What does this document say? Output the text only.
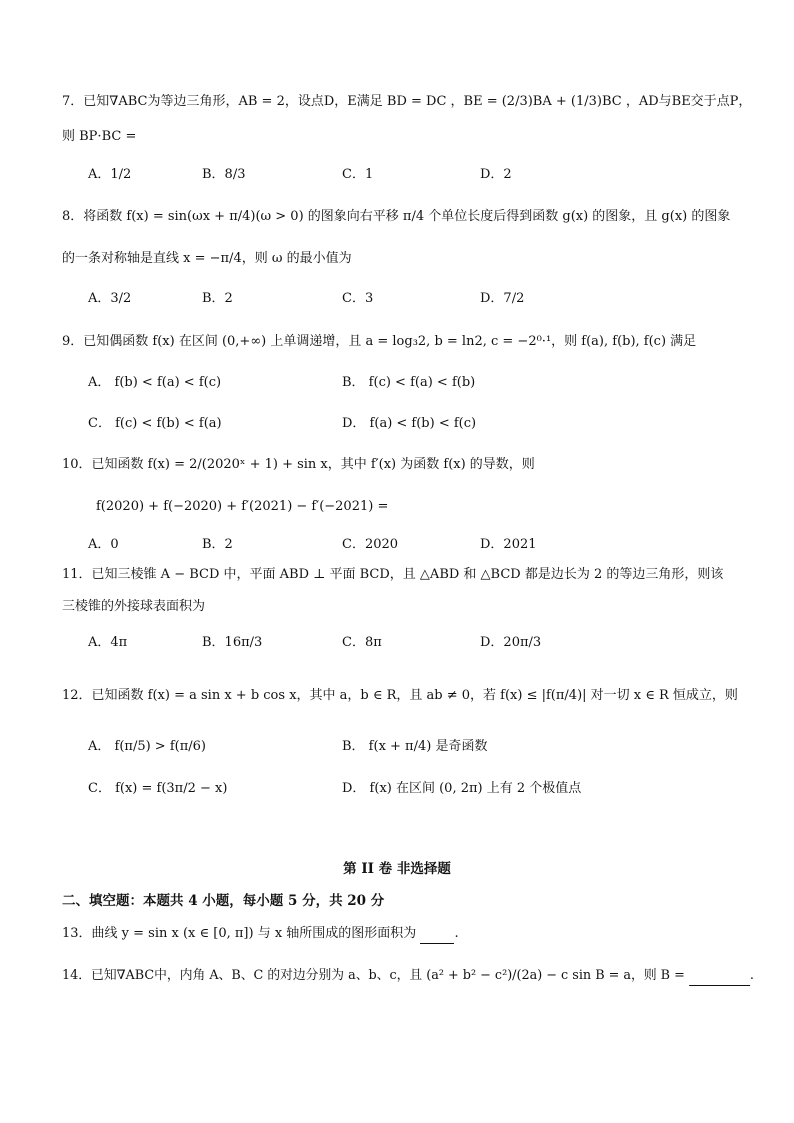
7．已知∇ABC为等边三角形，AB = 2，设点D，E满足 BD = DC ，BE = (2/3)BA + (1/3)BC ，AD与BE交于点P，
则 BP·BC =
A．1/2	B．8/3	C．1	D．2
8．将函数 f(x) = sin(ωx + π/4)(ω > 0) 的图象向右平移 π/4 个单位长度后得到函数 g(x) 的图象，且 g(x) 的图象
的一条对称轴是直线 x = −π/4，则 ω 的最小值为
A．3/2	B．2	C．3	D．7/2
9．已知偶函数 f(x) 在区间 (0,+∞) 上单调递增，且 a = log₃2, b = ln2, c = −2⁰·¹，则 f(a), f(b), f(c) 满足
A． f(b) < f(a) < f(c)	B． f(c) < f(a) < f(b)
C． f(c) < f(b) < f(a)	D． f(a) < f(b) < f(c)
10．已知函数 f(x) = 2/(2020ˣ + 1) + sin x，其中 f′(x) 为函数 f(x) 的导数，则
f(2020) + f(−2020) + f′(2021) − f′(−2021) =
A．0	B．2	C．2020	D．2021
11．已知三棱锥 A − BCD 中，平面 ABD ⊥ 平面 BCD，且 △ABD 和 △BCD 都是边长为 2 的等边三角形，则该
三棱锥的外接球表面积为
A．4π	B．16π/3	C．8π	D．20π/3
12．已知函数 f(x) = a sin x + b cos x，其中 a，b ∈ R，且 ab ≠ 0，若 f(x) ≤ |f(π/4)| 对一切 x ∈ R 恒成立，则
A． f(π/5) > f(π/6)	B． f(x + π/4) 是奇函数
C． f(x) = f(3π/2 − x)	D． f(x) 在区间 (0, 2π) 上有 2 个极值点
第 II 卷 非选择题
二、填空题：本题共 4 小题，每小题 5 分，共 20 分
13．曲线 y = sin x (x ∈ [0, π]) 与 x 轴所围成的图形面积为	.
14．已知∇ABC中，内角 A、B、C 的对边分别为 a、b、c，且 (a² + b² − c²)/(2a) − c sin B = a，则 B =	.
